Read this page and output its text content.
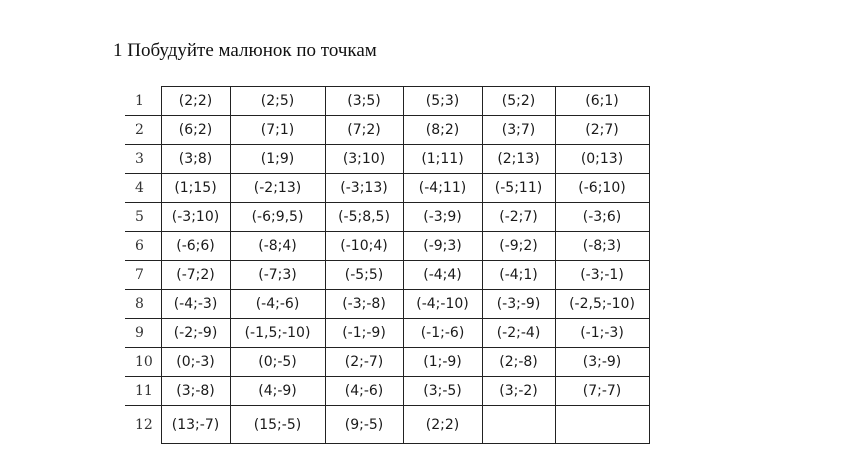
1 Побудуйте малюнок по точкам
1	(2;2)	(2;5)	(3;5)	(5;3)	(5;2)	(6;1)
2	(6;2)	(7;1)	(7;2)	(8;2)	(3;7)	(2;7)
3	(3;8)	(1;9)	(3;10)	(1;11)	(2;13)	(0;13)
4	(1;15)	(-2;13)	(-3;13)	(-4;11)	(-5;11)	(-6;10)
5	(-3;10)	(-6;9,5)	(-5;8,5)	(-3;9)	(-2;7)	(-3;6)
6	(-6;6)	(-8;4)	(-10;4)	(-9;3)	(-9;2)	(-8;3)
7	(-7;2)	(-7;3)	(-5;5)	(-4;4)	(-4;1)	(-3;-1)
8	(-4;-3)	(-4;-6)	(-3;-8)	(-4;-10)	(-3;-9)	(-2,5;-10)
9	(-2;-9)	(-1,5;-10)	(-1;-9)	(-1;-6)	(-2;-4)	(-1;-3)
10	(0;-3)	(0;-5)	(2;-7)	(1;-9)	(2;-8)	(3;-9)
11	(3;-8)	(4;-9)	(4;-6)	(3;-5)	(3;-2)	(7;-7)
12	(13;-7)	(15;-5)	(9;-5)	(2;2)		
